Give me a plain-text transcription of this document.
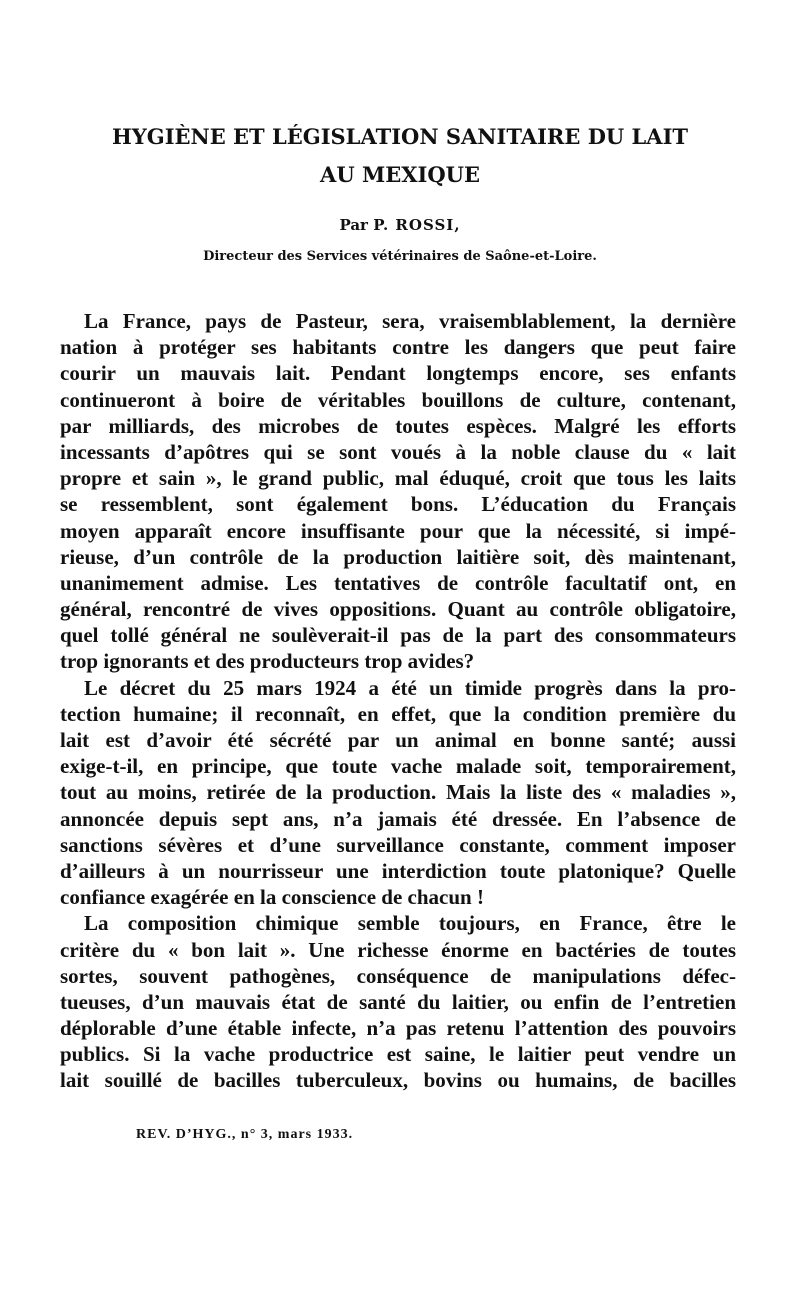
HYGIÈNE ET LÉGISLATION SANITAIRE DU LAIT
AU MEXIQUE
Par P. ROSSI,
Directeur des Services vétérinaires de Saône-et-Loire.
La France, pays de Pasteur, sera, vraisemblablement, la dernière
nation à protéger ses habitants contre les dangers que peut faire
courir un mauvais lait. Pendant longtemps encore, ses enfants
continueront à boire de véritables bouillons de culture, contenant,
par milliards, des microbes de toutes espèces. Malgré les efforts
incessants d’apôtres qui se sont voués à la noble clause du « lait
propre et sain », le grand public, mal éduqué, croit que tous les laits
se ressemblent, sont également bons. L’éducation du Français
moyen apparaît encore insuffisante pour que la nécessité, si impé-
rieuse, d’un contrôle de la production laitière soit, dès maintenant,
unanimement admise. Les tentatives de contrôle facultatif ont, en
général, rencontré de vives oppositions. Quant au contrôle obligatoire,
quel tollé général ne soulèverait-il pas de la part des consommateurs
trop ignorants et des producteurs trop avides?
Le décret du 25 mars 1924 a été un timide progrès dans la pro-
tection humaine; il reconnaît, en effet, que la condition première du
lait est d’avoir été sécrété par un animal en bonne santé; aussi
exige-t-il, en principe, que toute vache malade soit, temporairement,
tout au moins, retirée de la production. Mais la liste des « maladies »,
annoncée depuis sept ans, n’a jamais été dressée. En l’absence de
sanctions sévères et d’une surveillance constante, comment imposer
d’ailleurs à un nourrisseur une interdiction toute platonique? Quelle
confiance exagérée en la conscience de chacun !
La composition chimique semble toujours, en France, être le
critère du « bon lait ». Une richesse énorme en bactéries de toutes
sortes, souvent pathogènes, conséquence de manipulations défec-
tueuses, d’un mauvais état de santé du laitier, ou enfin de l’entretien
déplorable d’une étable infecte, n’a pas retenu l’attention des pouvoirs
publics. Si la vache productrice est saine, le laitier peut vendre un
lait souillé de bacilles tuberculeux, bovins ou humains, de bacilles
REV. D’HYG., n° 3, mars 1933.
